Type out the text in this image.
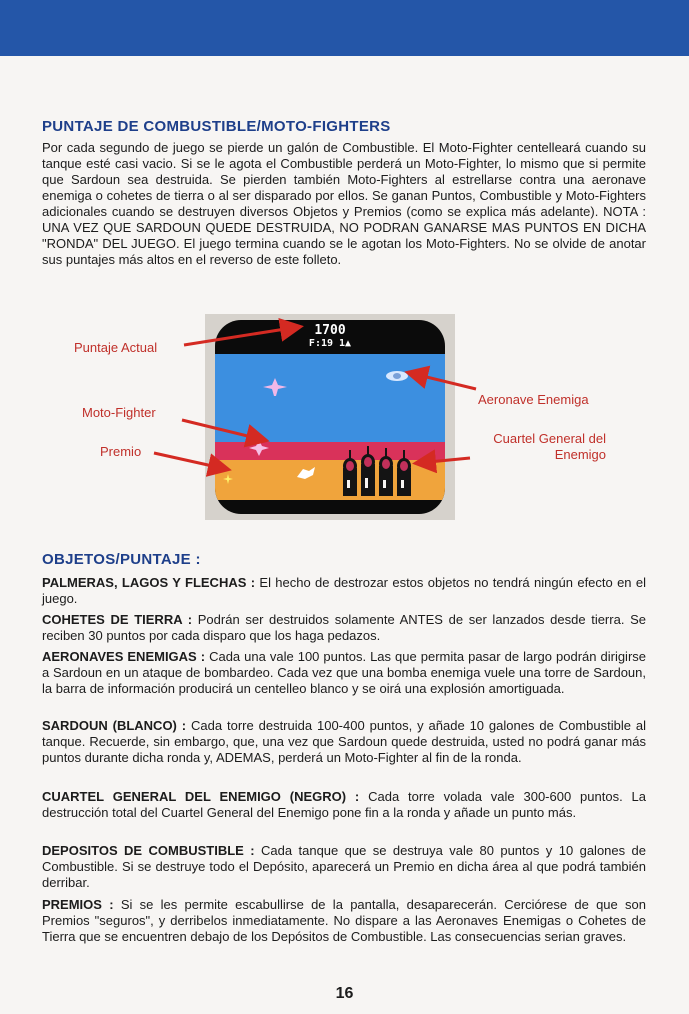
PUNTAJE DE COMBUSTIBLE/MOTO-FIGHTERS

Por cada segundo de juego se pierde un galón de Combustible. El Moto-Fighter centelleará cuando su tanque esté casi vacio. Si se le agota el Combustible perderá un Moto-Fighter, lo mismo que si permite que Sardoun sea destruida. Se pierden también Moto-Fighters al estrellarse contra una aeronave enemiga o cohetes de tierra o al ser disparado por ellos. Se ganan Puntos, Combustible y Moto-Fighters adicionales cuando se destruyen diversos Objetos y Premios (como se explica más adelante). NOTA : UNA VEZ QUE SARDOUN QUEDE DESTRUIDA, NO PODRAN GANARSE MAS PUNTOS EN DICHA "RONDA" DEL JUEGO. El juego termina cuando se le agotan los Moto-Fighters. No se olvide de anotar sus puntajes más altos en el reverso de este folleto.

1700
F:19 1▲

Puntaje Actual

Moto-Fighter

Premio

Aeronave Enemiga

Cuartel General del
Enemigo

OBJETOS/PUNTAJE :

PALMERAS, LAGOS Y FLECHAS : El hecho de destrozar estos objetos no tendrá ningún efecto en el juego.

COHETES DE TIERRA : Podrán ser destruidos solamente ANTES de ser lanzados desde tierra. Se reciben 30 puntos por cada disparo que los haga pedazos.

AERONAVES ENEMIGAS : Cada una vale 100 puntos. Las que permita pasar de largo podrán dirigirse a Sardoun en un ataque de bombardeo. Cada vez que una bomba enemiga vuele una torre de Sardoun, la barra de información producirá un centelleo blanco y se oirá una explosión amortiguada.

SARDOUN (BLANCO) : Cada torre destruida 100-400 puntos, y añade 10 galones de Combustible al tanque. Recuerde, sin embargo, que, una vez que Sardoun quede destruida, usted no podrá ganar más puntos durante dicha ronda y, ADEMAS, perderá un Moto-Fighter al fin de la ronda.

CUARTEL GENERAL DEL ENEMIGO (NEGRO) : Cada torre volada vale 300-600 puntos. La destrucción total del Cuartel General del Enemigo pone fin a la ronda y añade un punto más.

DEPOSITOS DE COMBUSTIBLE : Cada tanque que se destruya vale 80 puntos y 10 galones de Combustible. Si se destruye todo el Depósito, aparecerá un Premio en dicha área al que podrá también derribar.

PREMIOS : Si se les permite escabullirse de la pantalla, desaparecerán. Cerciórese de que son Premios "seguros", y derribelos inmediatamente. No dispare a las Aeronaves Enemigas o Cohetes de Tierra que se encuentren debajo de los Depósitos de Combustible. Las consecuencias serian graves.

16
